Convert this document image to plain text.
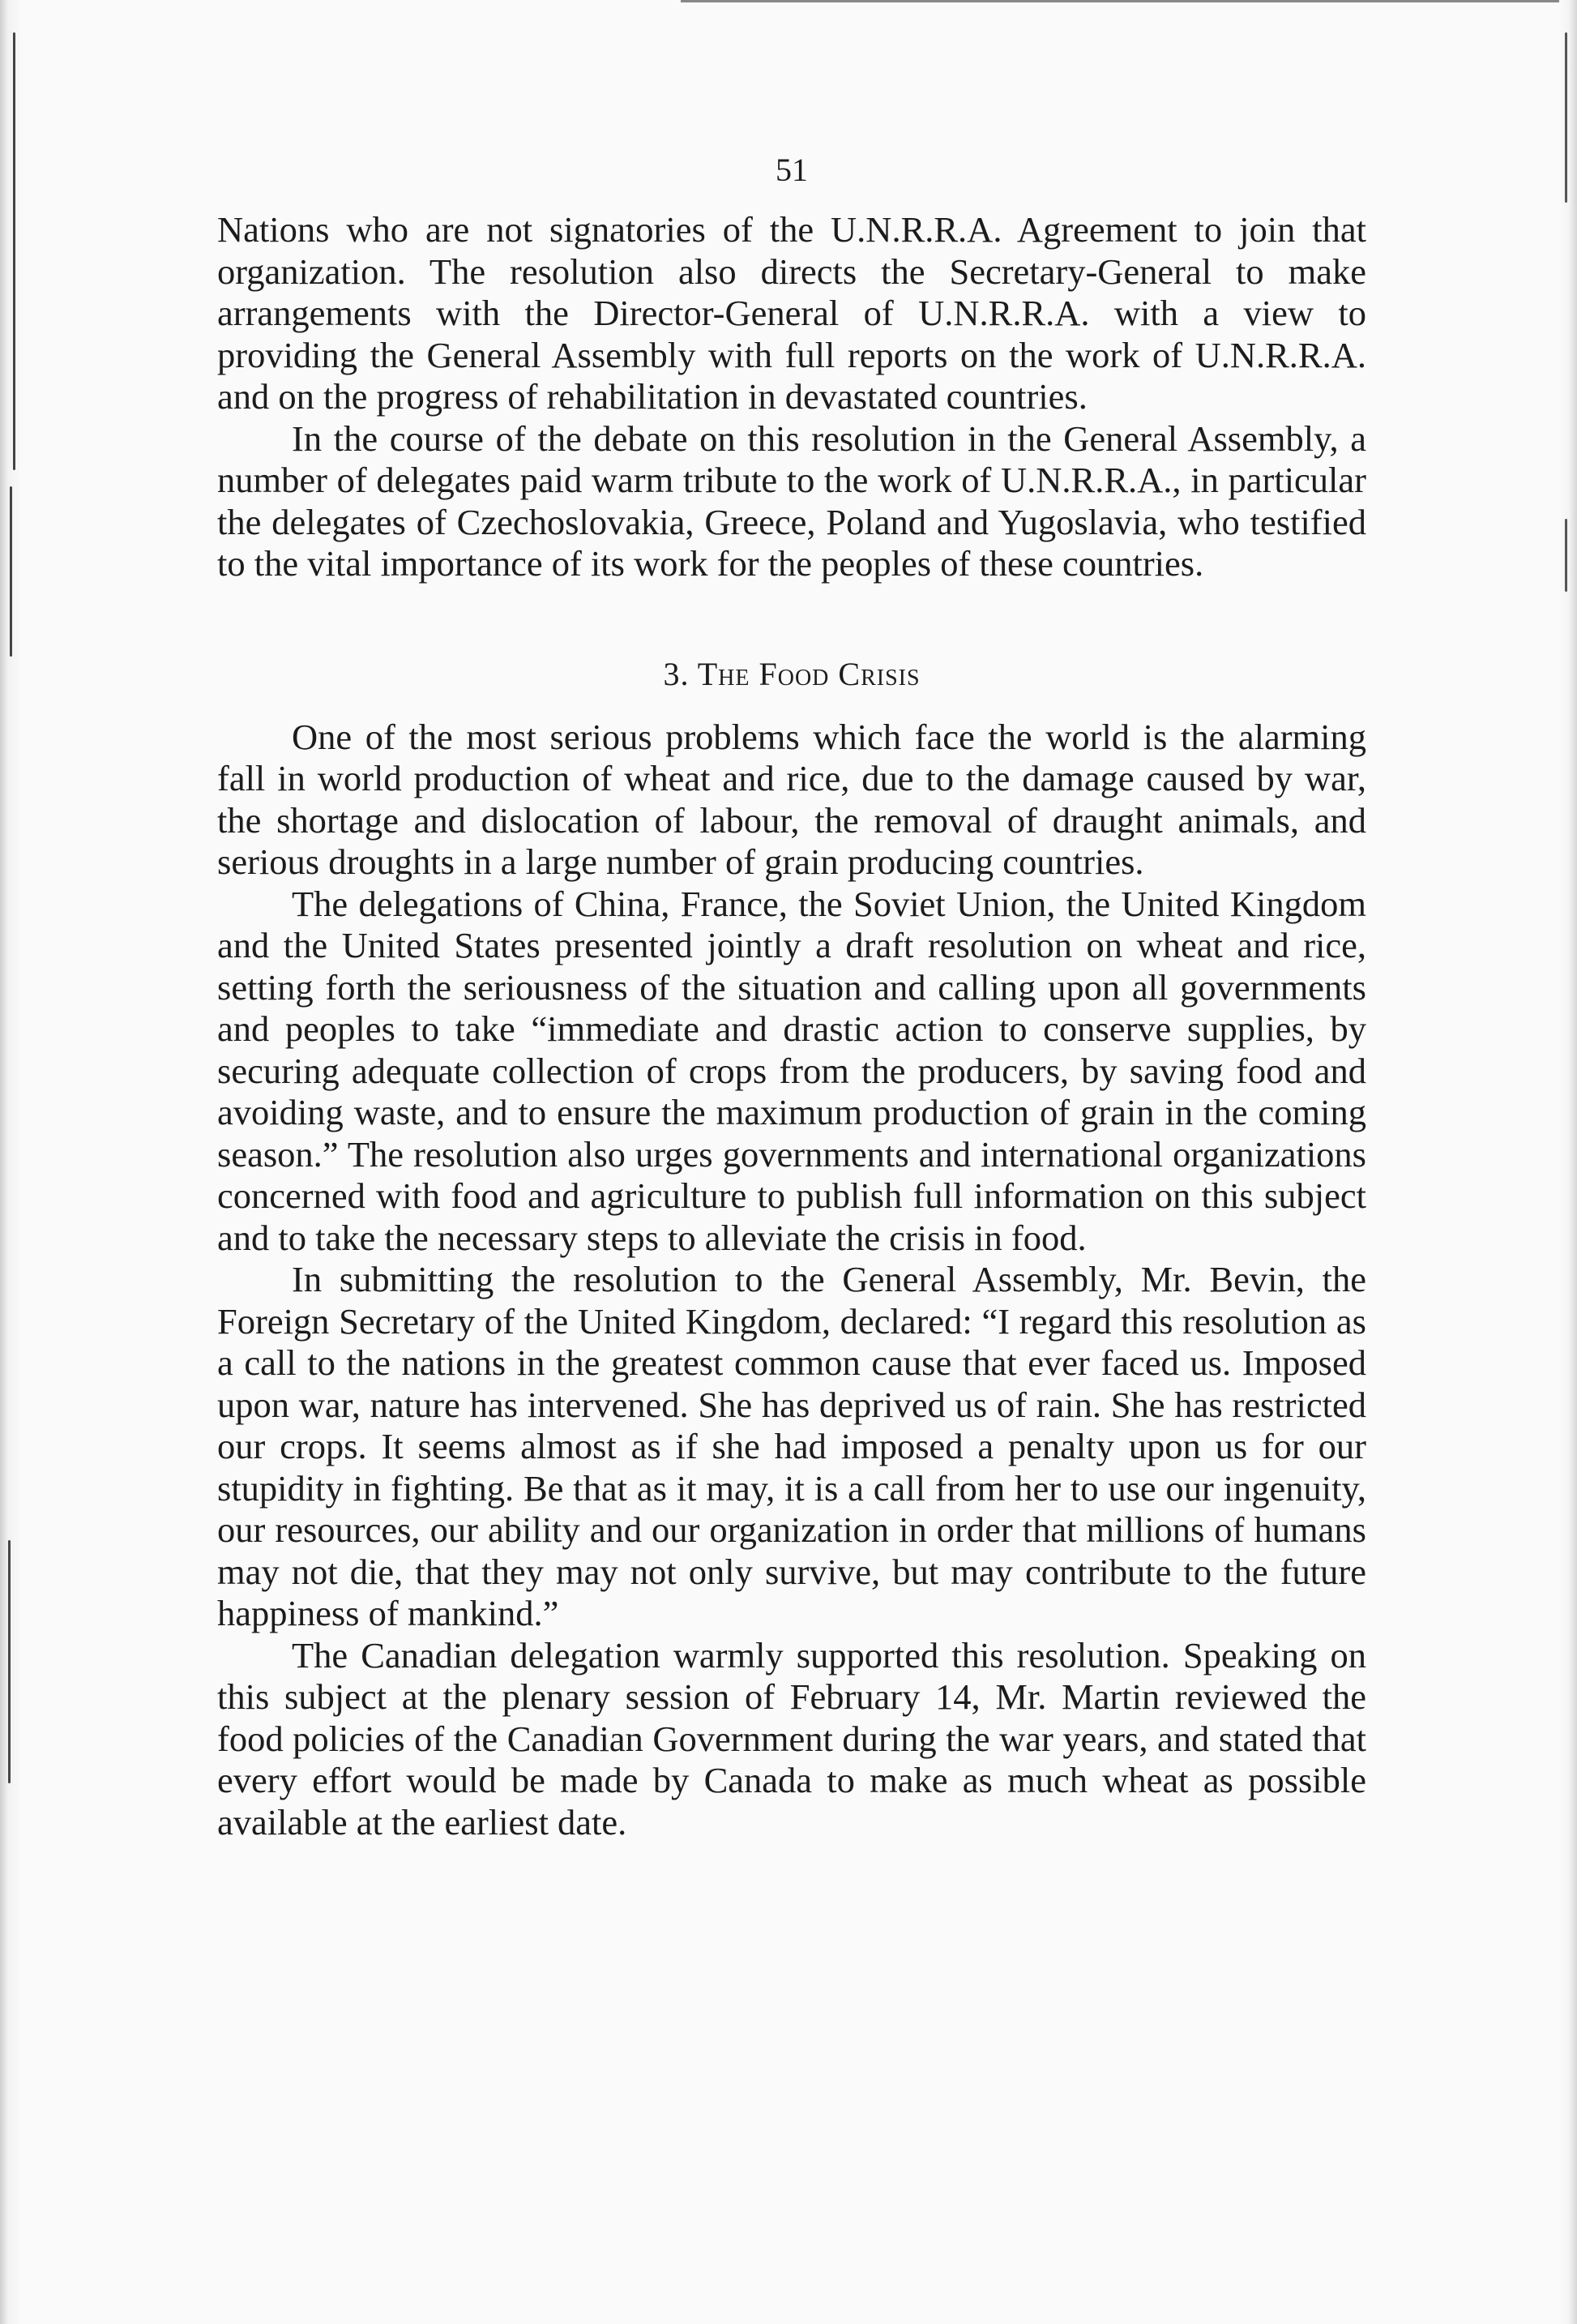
51

Nations who are not signatories of the U.N.R.R.A. Agreement to join that organization. The resolution also directs the Secretary-General to make arrangements with the Director-General of U.N.R.R.A. with a view to providing the General Assembly with full reports on the work of U.N.R.R.A. and on the progress of rehabilitation in devastated countries.

In the course of the debate on this resolution in the General Assembly, a number of delegates paid warm tribute to the work of U.N.R.R.A., in particular the delegates of Czechoslovakia, Greece, Poland and Yugoslavia, who testified to the vital importance of its work for the peoples of these countries.

3. The Food Crisis

One of the most serious problems which face the world is the alarming fall in world production of wheat and rice, due to the damage caused by war, the shortage and dislocation of labour, the removal of draught animals, and serious droughts in a large number of grain producing countries.

The delegations of China, France, the Soviet Union, the United Kingdom and the United States presented jointly a draft resolution on wheat and rice, setting forth the seriousness of the situation and calling upon all governments and peoples to take “immediate and drastic action to conserve supplies, by securing adequate collection of crops from the producers, by saving food and avoiding waste, and to ensure the maximum production of grain in the coming season.” The resolution also urges governments and international organizations concerned with food and agriculture to publish full information on this subject and to take the necessary steps to alleviate the crisis in food.

In submitting the resolution to the General Assembly, Mr. Bevin, the Foreign Secretary of the United Kingdom, declared: “I regard this resolution as a call to the nations in the greatest common cause that ever faced us. Imposed upon war, nature has intervened. She has deprived us of rain. She has restricted our crops. It seems almost as if she had imposed a penalty upon us for our stupidity in fighting. Be that as it may, it is a call from her to use our ingenuity, our resources, our ability and our organization in order that millions of humans may not die, that they may not only survive, but may contribute to the future happiness of mankind.”

The Canadian delegation warmly supported this resolution. Speaking on this subject at the plenary session of February 14, Mr. Martin reviewed the food policies of the Canadian Government during the war years, and stated that every effort would be made by Canada to make as much wheat as possible available at the earliest date.
